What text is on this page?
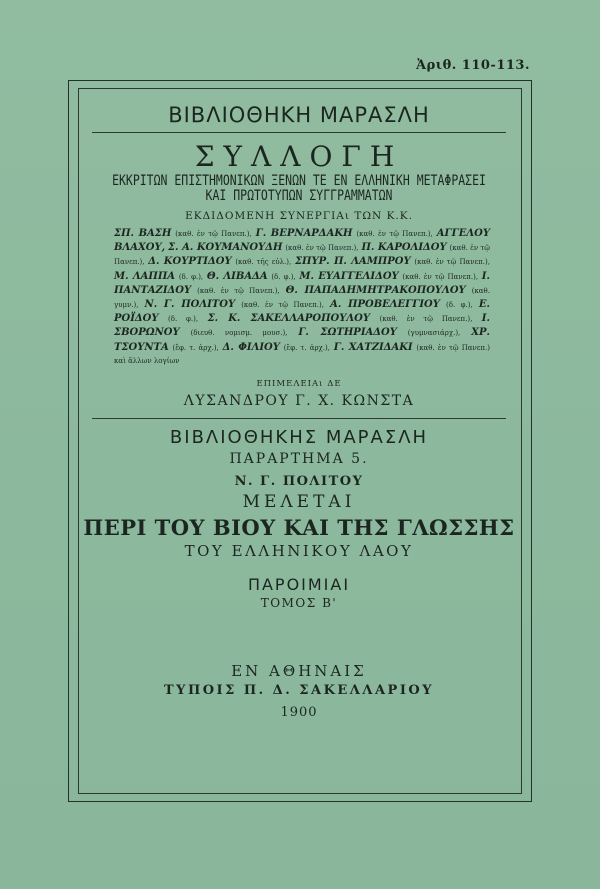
Ἀριθ. 110-113.
ΒΙΒΛΙΟΘΗΚΗ ΜΑΡΑΣΛΗ
ΣΥΛΛΟΓΗ
ΕΚΚΡΙΤΩΝ ΕΠΙΣΤΗΜΟΝΙΚΩΝ ΞΕΝΩΝ ΤΕ ΕΝ ΕΛΛΗΝΙΚΗ ΜΕΤΑΦΡΑΣΕΙ
ΚΑΙ ΠΡΩΤΟΤΥΠΩΝ ΣΥΓΓΡΑΜΜΑΤΩΝ
ΕΚΔΙΔΟΜΕΝΗ ΣΥΝΕΡΓΙΑι ΤΩΝ Κ.Κ.
ΣΠ. ΒΑΣΗ (καθ. ἐν τῷ Πανεπ.), Γ. ΒΕΡΝΑΡΔΑΚΗ (καθ. ἐν τῷ Πανεπ.), ΑΓΓΕΛΟΥ ΒΛΑΧΟΥ, Σ. Α. ΚΟΥΜΑΝΟΥΔΗ (καθ. ἐν τῷ Πανεπ.), Π. ΚΑΡΟΛΙΔΟΥ (καθ. ἐν τῷ Πανεπ.), Δ. ΚΟΥΡΤΙΔΟΥ (καθ. τῆς εὐλ.), ΣΠΥΡ. Π. ΛΑΜΠΡΟΥ (καθ. ἐν τῷ Πανεπ.), Μ. ΛΑΠΠΑ (δ. φ.), Θ. ΛΙΒΑΔΑ (δ. φ.), Μ. ΕΥΑΓΓΕΛΙΔΟΥ (καθ. ἐν τῷ Πανεπ.), Ι. ΠΑΝΤΑΖΙΔΟΥ (καθ. ἐν τῷ Πανεπ.), Θ. ΠΑΠΑΔΗΜΗΤΡΑΚΟΠΟΥΛΟΥ (καθ. γυμν.), Ν. Γ. ΠΟΛΙΤΟΥ (καθ. ἐν τῷ Πανεπ.), Α. ΠΡΟΒΕΛΕΓΓΙΟΥ (δ. φ.), Ε. ΡΟΪΔΟΥ (δ. φ.), Σ. Κ. ΣΑΚΕΛΛΑΡΟΠΟΥΛΟΥ (καθ. ἐν τῷ Πανεπ.), Ι. ΣΒΟΡΩΝΟΥ (διευθ. νομισμ. μουσ.), Γ. ΣΩΤΗΡΙΑΔΟΥ (γυμνασιάρχ.), ΧΡ. ΤΣΟΥΝΤΑ (ἔφ. τ. ἀρχ.), Δ. ΦΙΛΙΟΥ (ἔφ. τ. ἀρχ.), Γ. ΧΑΤΖΙΔΑΚΙ (καθ. ἐν τῷ Πανεπ.) καὶ ἄλλων λογίων
ΕΠΙΜΕΛΕΙΑι ΔΕ
ΛΥΣΑΝΔΡΟΥ Γ. Χ. ΚΩΝΣΤΑ
ΒΙΒΛΙΟΘΗΚΗΣ ΜΑΡΑΣΛΗ
ΠΑΡΑΡΤΗΜΑ 5.
Ν. Γ. ΠΟΛΙΤΟΥ
ΜΕΛΕΤΑΙ
ΠΕΡΙ ΤΟΥ ΒΙΟΥ ΚΑΙ ΤΗΣ ΓΛΩΣΣΗΣ
ΤΟΥ ΕΛΛΗΝΙΚΟΥ ΛΑΟΥ
ΠΑΡΟΙΜΙΑΙ
ΤΟΜΟΣ Β'
ΕΝ ΑΘΗΝΑΙΣ
ΤΥΠΟΙΣ Π. Δ. ΣΑΚΕΛΛΑΡΙΟΥ
1900
